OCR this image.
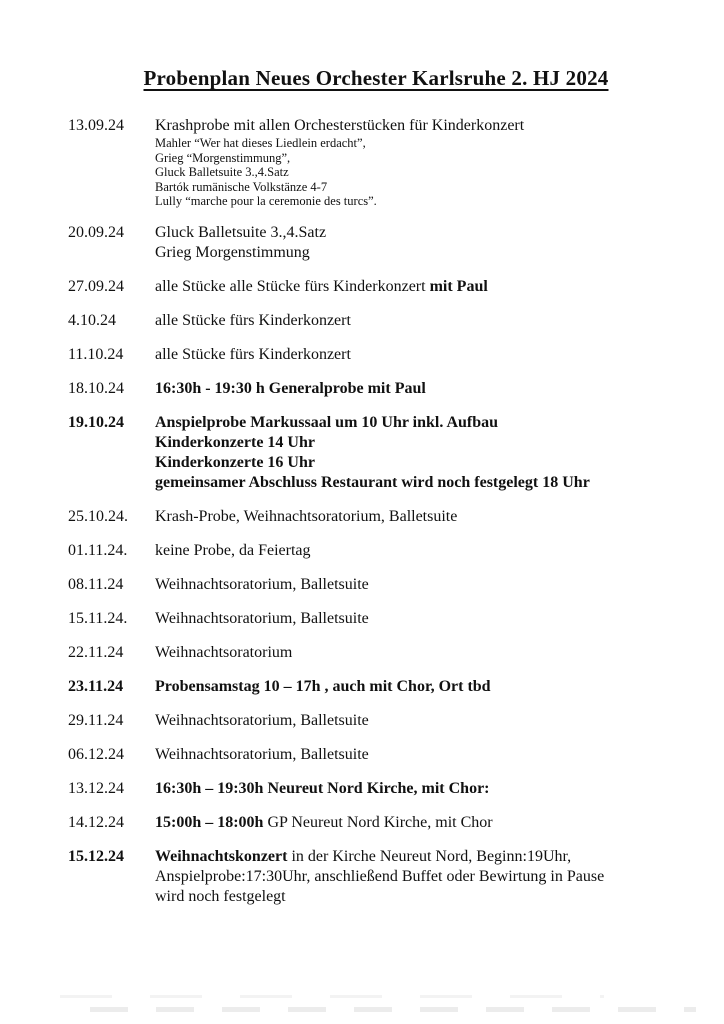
Probenplan Neues Orchester Karlsruhe 2. HJ 2024
13.09.24	Krashprobe mit allen Orchesterstücken für Kinderkonzert
Mahler “Wer hat dieses Liedlein erdacht”,
Grieg “Morgenstimmung”,
Gluck Balletsuite 3.,4.Satz
Bartók rumänische Volkstänze 4-7
Lully “marche pour la ceremonie des turcs”.
20.09.24	Gluck Balletsuite 3.,4.Satz
Grieg Morgenstimmung
27.09.24	alle Stücke alle Stücke fürs Kinderkonzert mit Paul
4.10.24	alle Stücke fürs Kinderkonzert
11.10.24	alle Stücke fürs Kinderkonzert
18.10.24	16:30h - 19:30 h Generalprobe mit Paul
19.10.24	Anspielprobe Markussaal um 10 Uhr inkl. Aufbau
Kinderkonzerte 14 Uhr
Kinderkonzerte 16 Uhr
gemeinsamer Abschluss Restaurant wird noch festgelegt 18 Uhr
25.10.24.	Krash-Probe, Weihnachtsoratorium, Balletsuite
01.11.24.	keine Probe, da Feiertag
08.11.24	Weihnachtsoratorium, Balletsuite
15.11.24.	Weihnachtsoratorium, Balletsuite
22.11.24	Weihnachtsoratorium
23.11.24	Probensamstag 10 – 17h , auch mit Chor, Ort tbd
29.11.24	Weihnachtsoratorium, Balletsuite
06.12.24	Weihnachtsoratorium, Balletsuite
13.12.24	16:30h – 19:30h Neureut Nord Kirche, mit Chor:
14.12.24	15:00h – 18:00h GP Neureut Nord Kirche, mit Chor
15.12.24	Weihnachtskonzert in der Kirche Neureut Nord, Beginn:19Uhr,
Anspielprobe:17:30Uhr, anschließend Buffet oder Bewirtung in Pause
wird noch festgelegt
